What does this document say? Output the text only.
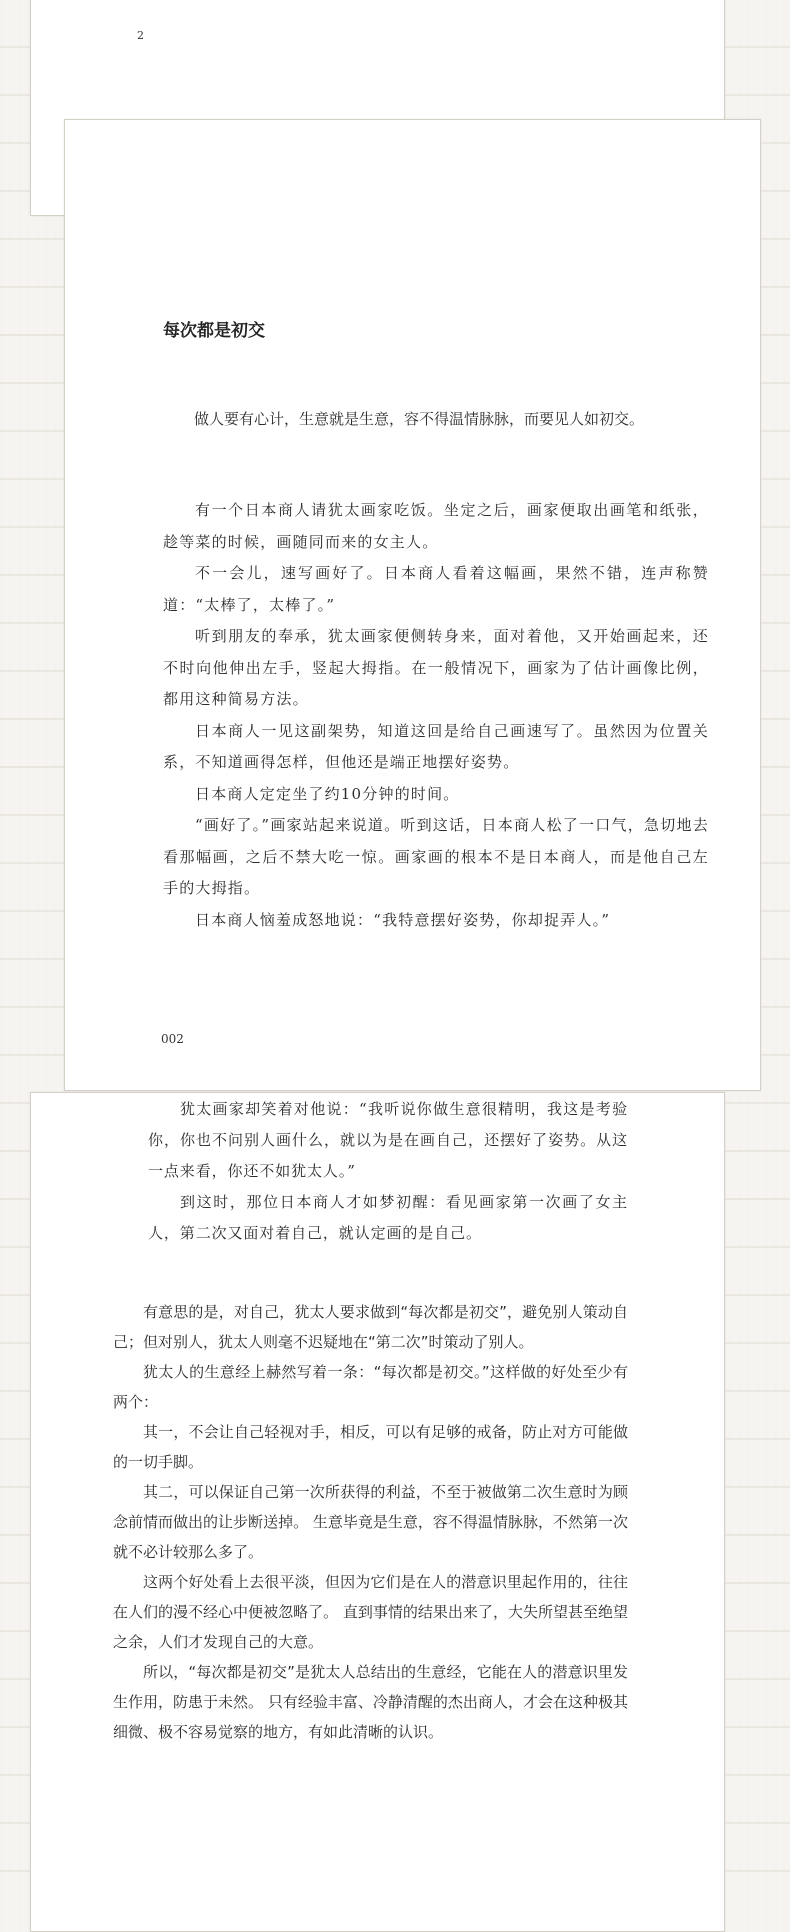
2
每次都是初交
做人要有心计，生意就是生意，容不得温情脉脉，而要见人如初交。

有一个日本商人请犹太画家吃饭。坐定之后，画家便取出画笔和纸张，趁等菜的时候，画随同而来的女主人。

不一会儿，速写画好了。日本商人看着这幅画，果然不错，连声称赞道：“太棒了，太棒了。”

听到朋友的奉承，犹太画家便侧转身来，面对着他，又开始画起来，还不时向他伸出左手，竖起大拇指。在一般情况下，画家为了估计画像比例，都用这种简易方法。

日本商人一见这副架势，知道这回是给自己画速写了。虽然因为位置关系，不知道画得怎样，但他还是端正地摆好姿势。

日本商人定定坐了约10分钟的时间。

“画好了。”画家站起来说道。听到这话，日本商人松了一口气，急切地去看那幅画，之后不禁大吃一惊。画家画的根本不是日本商人，而是他自己左手的大拇指。

日本商人恼羞成怒地说：“我特意摆好姿势，你却捉弄人。”

002

犹太画家却笑着对他说：“我听说你做生意很精明，我这是考验你，你也不问别人画什么，就以为是在画自己，还摆好了姿势。从这一点来看，你还不如犹太人。”

到这时，那位日本商人才如梦初醒：看见画家第一次画了女主人，第二次又面对着自己，就认定画的是自己。

有意思的是，对自己，犹太人要求做到“每次都是初交”，避免别人策动自己；但对别人，犹太人则毫不迟疑地在“第二次”时策动了别人。

犹太人的生意经上赫然写着一条：“每次都是初交。”这样做的好处至少有两个：

其一，不会让自己轻视对手，相反，可以有足够的戒备，防止对方可能做的一切手脚。

其二，可以保证自己第一次所获得的利益，不至于被做第二次生意时为顾念前情而做出的让步断送掉。 生意毕竟是生意，容不得温情脉脉，不然第一次就不必计较那么多了。

这两个好处看上去很平淡，但因为它们是在人的潜意识里起作用的，往往在人们的漫不经心中便被忽略了。 直到事情的结果出来了，大失所望甚至绝望之余，人们才发现自己的大意。

所以，“每次都是初交”是犹太人总结出的生意经，它能在人的潜意识里发生作用，防患于未然。 只有经验丰富、冷静清醒的杰出商人，才会在这种极其细微、极不容易觉察的地方，有如此清晰的认识。
